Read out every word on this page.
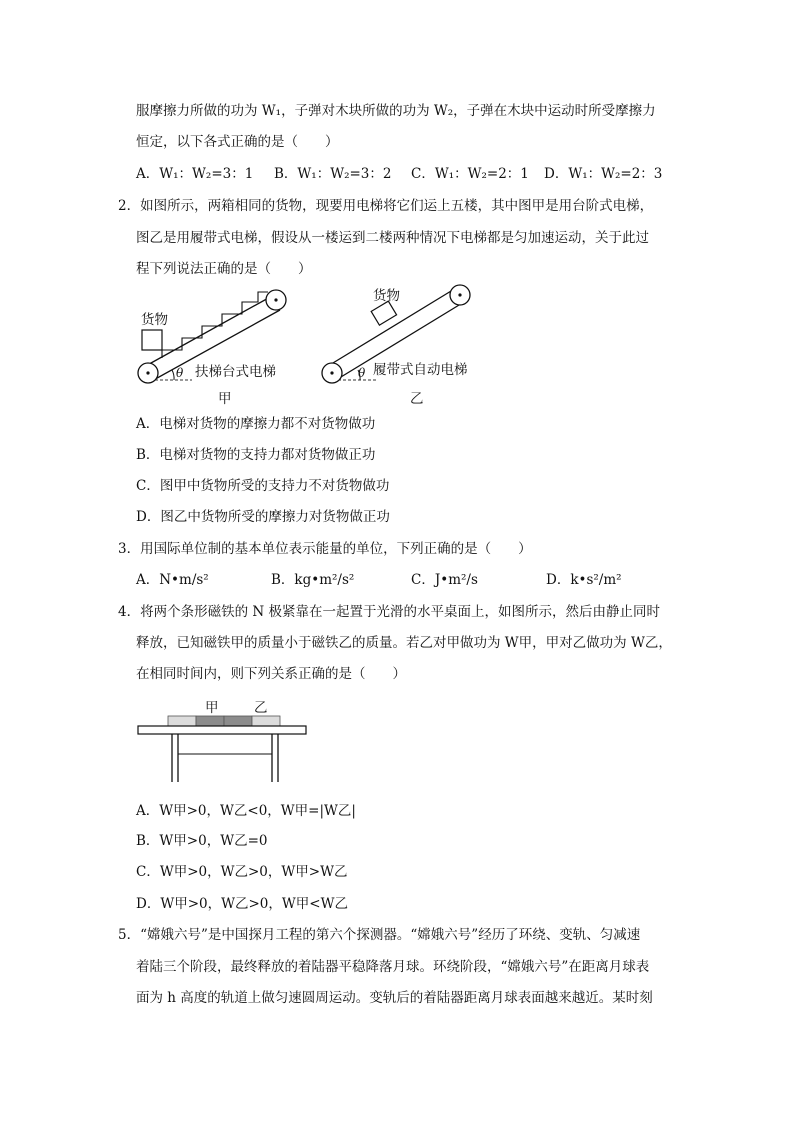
服摩擦力所做的功为 W₁，子弹对木块所做的功为 W₂，子弹在木块中运动时所受摩擦力
恒定，以下各式正确的是（　　）
A．W₁：W₂=3：1 B．W₁：W₂=3：2 C．W₁：W₂=2：1 D．W₁：W₂=2：3
2．如图所示，两箱相同的货物，现要用电梯将它们运上五楼，其中图甲是用台阶式电梯，
图乙是用履带式电梯，假设从一楼运到二楼两种情况下电梯都是匀加速运动，关于此过
程下列说法正确的是（　　）
货物
θ 扶梯台式电梯
甲
货物
θ 履带式自动电梯
乙
A．电梯对货物的摩擦力都不对货物做功
B．电梯对货物的支持力都对货物做正功
C．图甲中货物所受的支持力不对货物做功
D．图乙中货物所受的摩擦力对货物做正功
3．用国际单位制的基本单位表示能量的单位，下列正确的是（　　）
A．N•m/s²	B．kg•m²/s²	C．J•m²/s	D．k•s²/m²
4．将两个条形磁铁的 N 极紧靠在一起置于光滑的水平桌面上，如图所示，然后由静止同时
释放，已知磁铁甲的质量小于磁铁乙的质量。若乙对甲做功为 W甲，甲对乙做功为 W乙，
在相同时间内，则下列关系正确的是（　　）
甲	乙
A．W甲>0，W乙<0，W甲=|W乙|
B．W甲>0，W乙=0
C．W甲>0，W乙>0，W甲>W乙
D．W甲>0，W乙>0，W甲<W乙
5．“嫦娥六号”是中国探月工程的第六个探测器。“嫦娥六号”经历了环绕、变轨、匀减速
着陆三个阶段，最终释放的着陆器平稳降落月球。环绕阶段，“嫦娥六号”在距离月球表
面为 h 高度的轨道上做匀速圆周运动。变轨后的着陆器距离月球表面越来越近。某时刻
